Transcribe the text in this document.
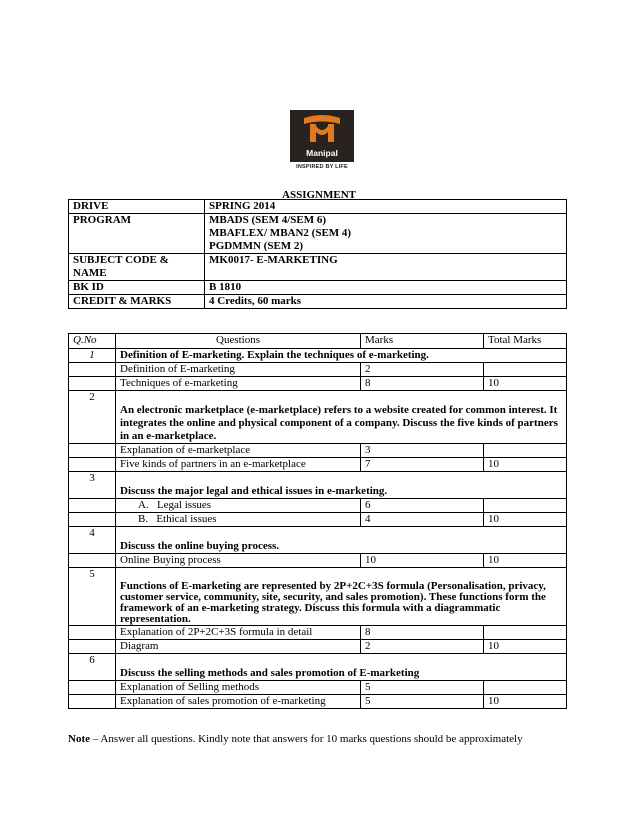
Manipal
INSPIRED BY LIFE
ASSIGNMENT
DRIVE	SPRING 2014

PROGRAM	MBADS (SEM 4/SEM 6)
MBAFLEX/ MBAN2 (SEM 4)
PGDMMN (SEM 2)

SUBJECT CODE & NAME	MK0017- E-MARKETING

BK ID	B 1810

CREDIT & MARKS	4 Credits, 60 marks
Q.No	Questions	Marks	Total Marks
1	Definition of E-marketing. Explain the techniques of e-marketing.		
	Definition of E-marketing	2	
	Techniques of e-marketing	8	10
2	An electronic marketplace (e-marketplace) refers to a website created for common interest. It integrates the online and physical component of a company. Discuss the five kinds of partners in an e-marketplace.		
	Explanation of e-marketplace	3	
	Five kinds of partners in an e-marketplace	7	10
3	Discuss the major legal and ethical issues in e-marketing.		
	A.   Legal issues	6	
	B.   Ethical issues	4	10
4	Discuss the online buying process.		
	Online Buying process	10	10
5	Functions of E-marketing are represented by 2P+2C+3S formula (Personalisation, privacy, customer service, community, site, security, and sales promotion). These functions form the framework of an e-marketing strategy. Discuss this formula with a diagrammatic representation.		
	Explanation of 2P+2C+3S formula in detail	8	
	Diagram	2	10
6	Discuss the selling methods and sales promotion of E-marketing		
	Explanation of Selling methods	5	
	Explanation of sales promotion of e-marketing	5	10
Note – Answer all questions. Kindly note that answers for 10 marks questions should be approximately
